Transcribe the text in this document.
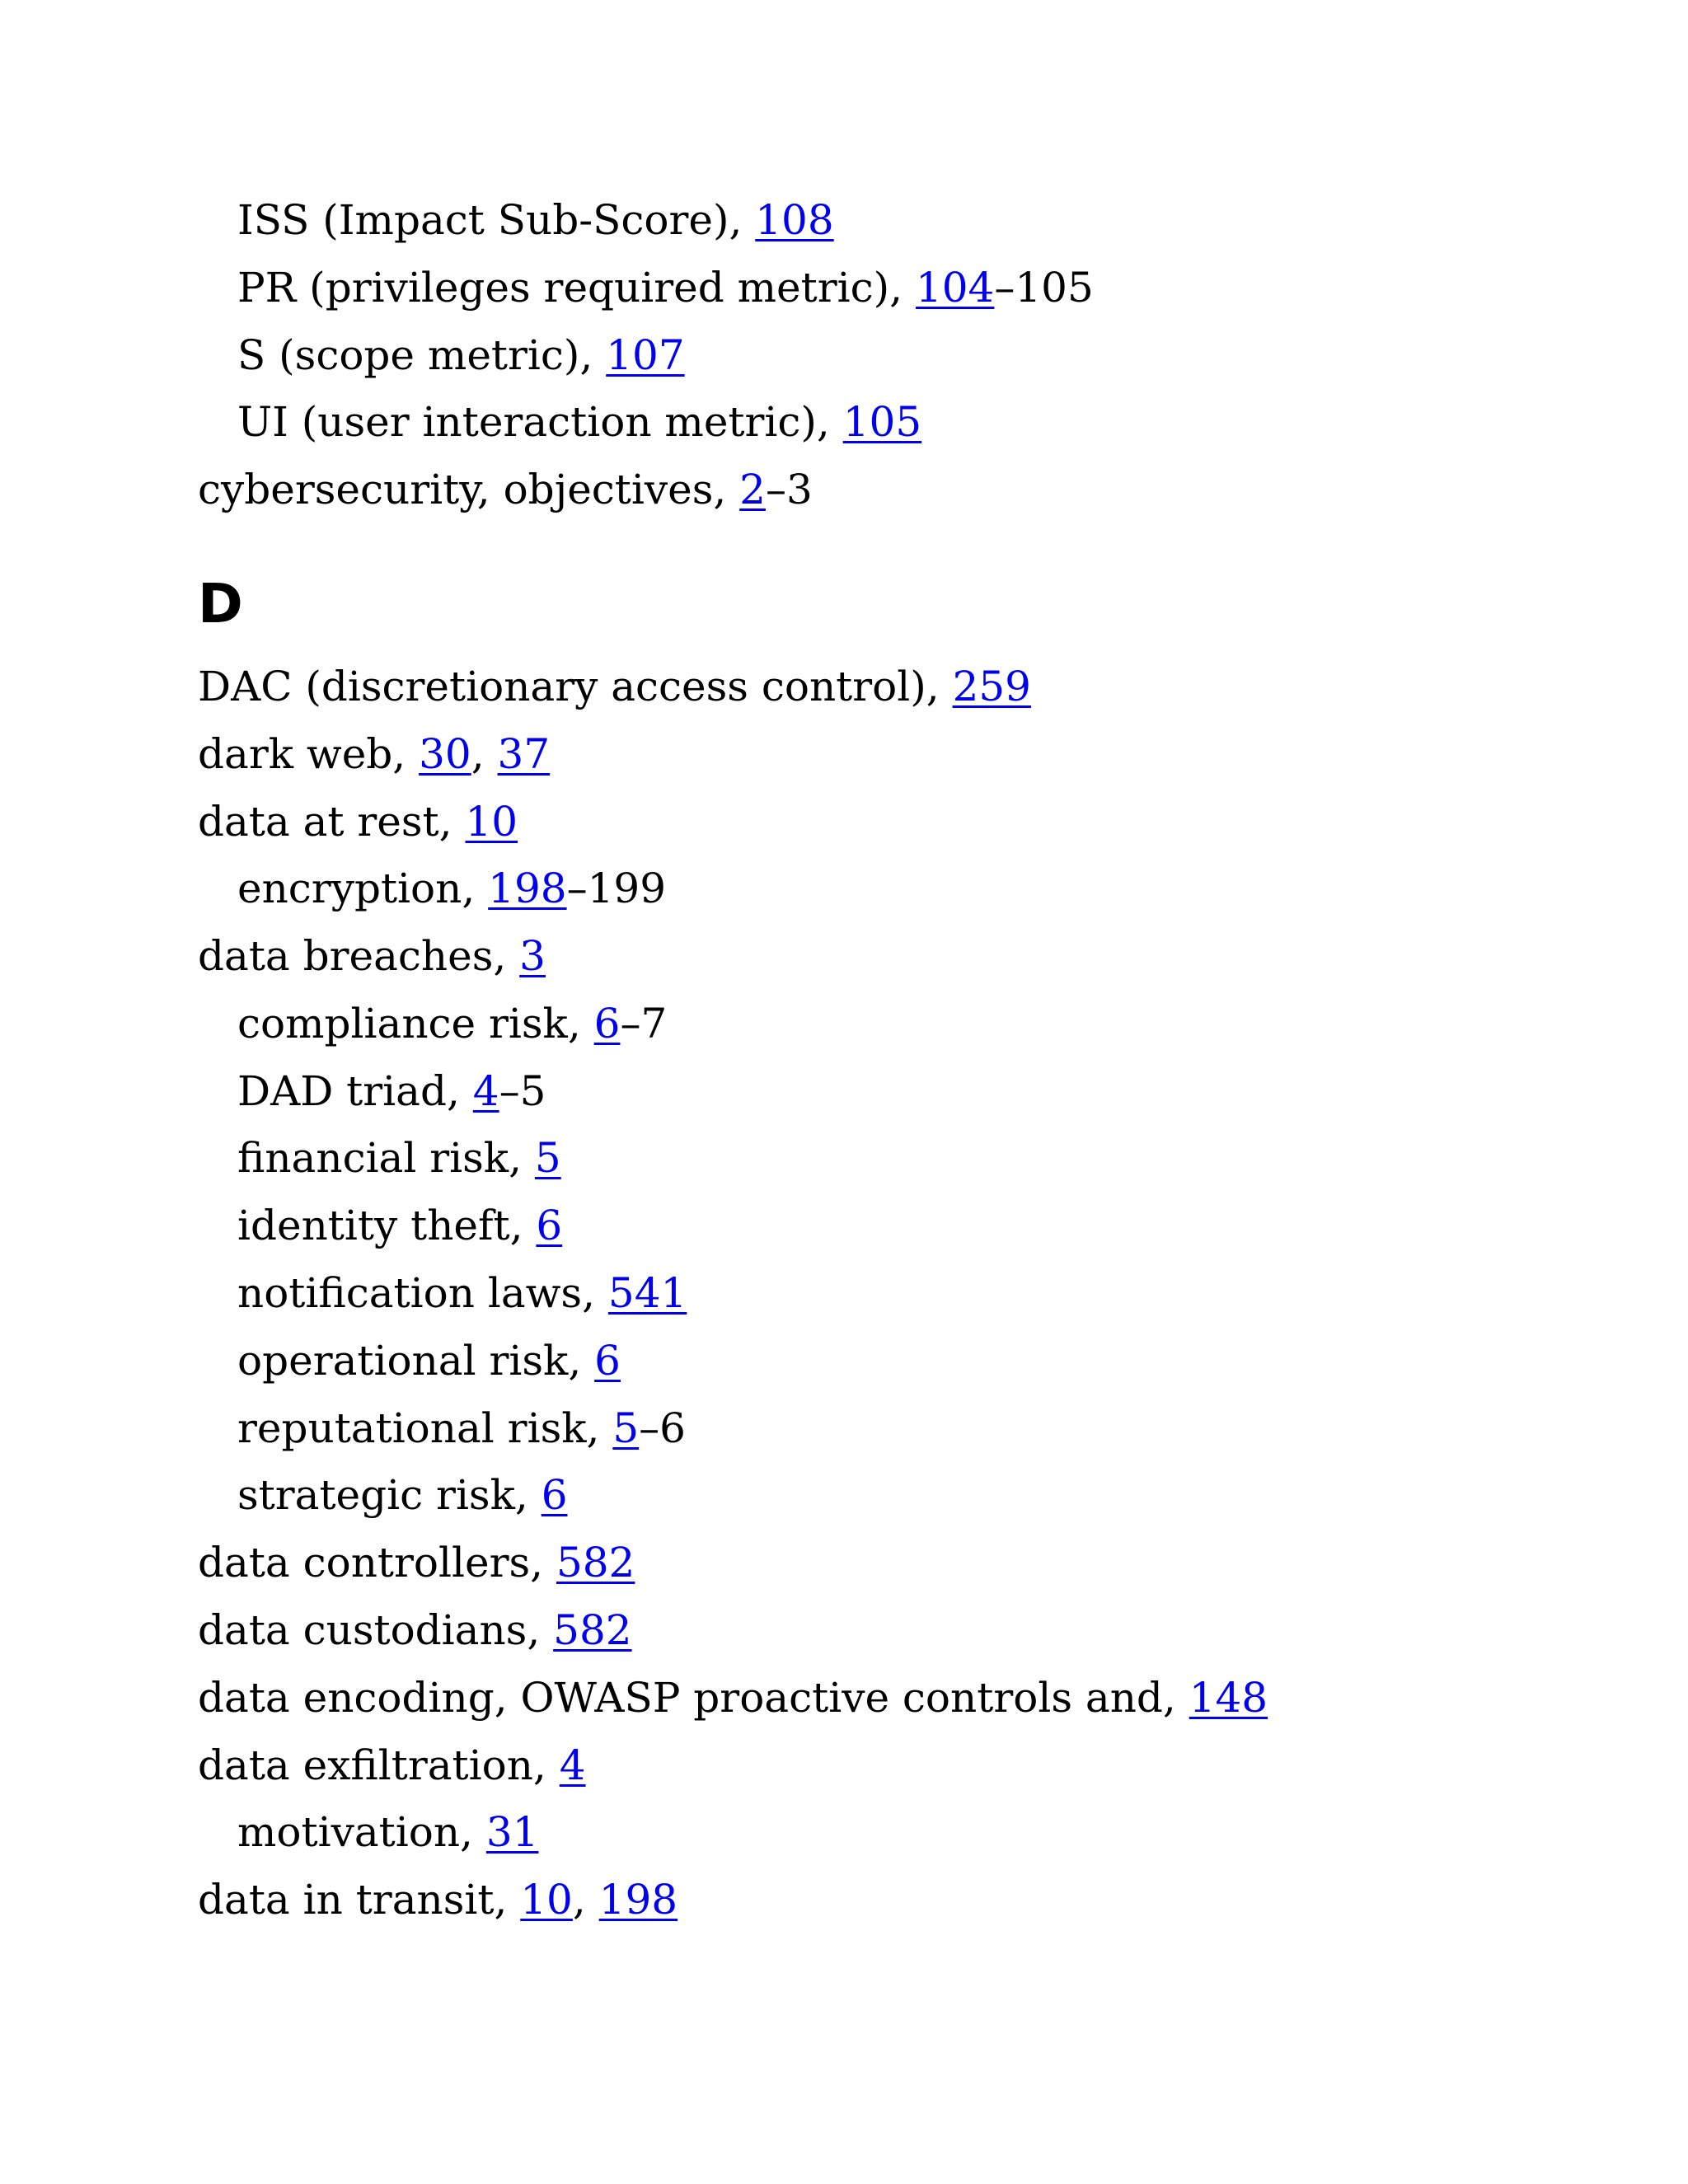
ISS (Impact Sub-Score), 108
PR (privileges required metric), 104–105
S (scope metric), 107
UI (user interaction metric), 105
cybersecurity, objectives, 2–3
D
DAC (discretionary access control), 259
dark web, 30, 37
data at rest, 10
encryption, 198–199
data breaches, 3
compliance risk, 6–7
DAD triad, 4–5
financial risk, 5
identity theft, 6
notification laws, 541
operational risk, 6
reputational risk, 5–6
strategic risk, 6
data controllers, 582
data custodians, 582
data encoding, OWASP proactive controls and, 148
data exfiltration, 4
motivation, 31
data in transit, 10, 198
